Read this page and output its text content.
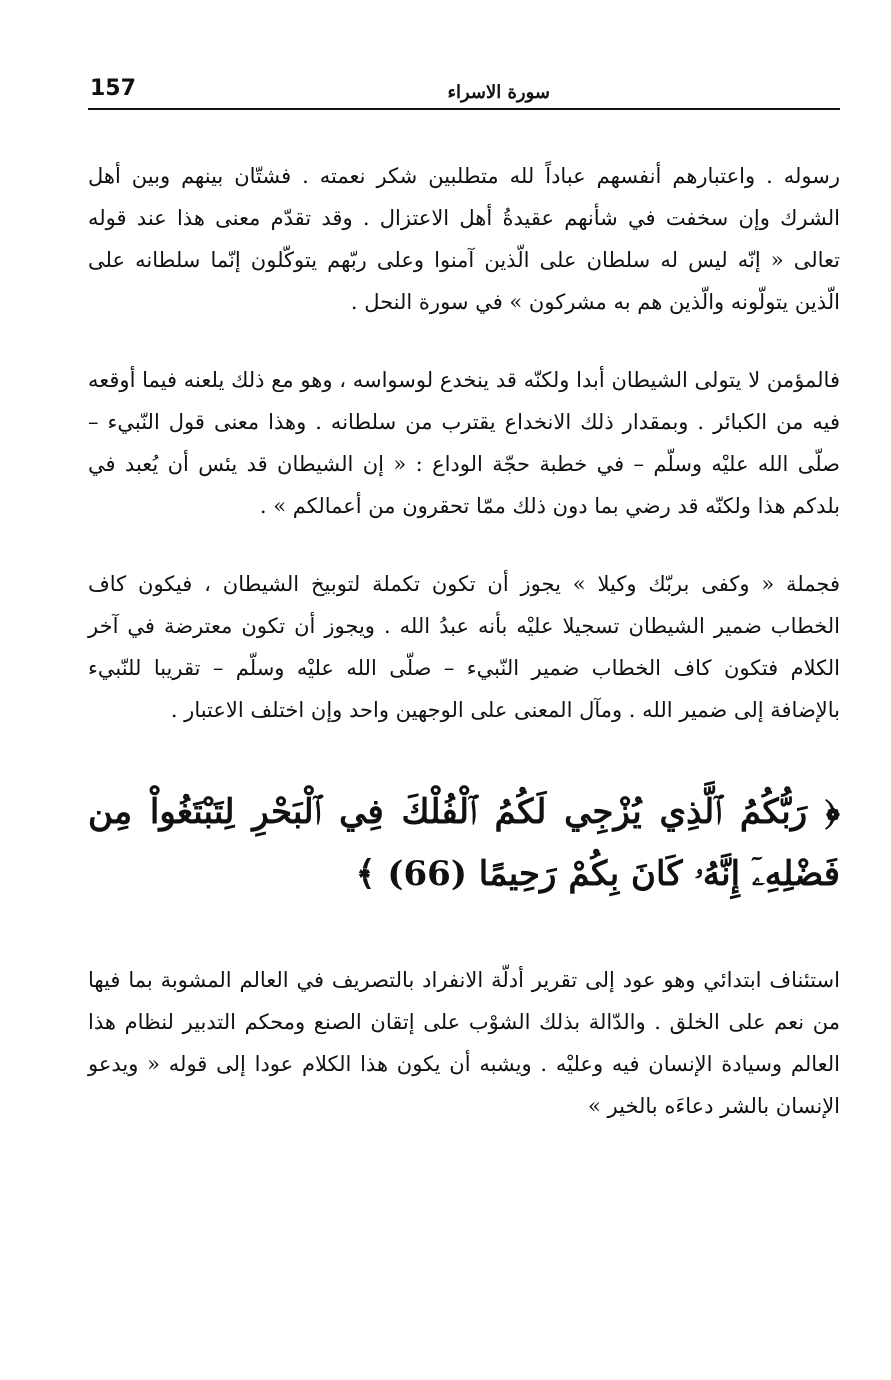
157	سورة الاسراء

رسوله . واعتبارهم أنفسهم عباداً لله متطلبين شكر نعمته . فشتّان بينهم وبين أهل الشرك وإن سخفت في شأنهم عقيدةُ أهل الاعتزال . وقد تقدّم معنى هذا عند قوله تعالى « إنّه ليس له سلطان على الّذين آمنوا وعلى ربّهم يتوكّلون إنّما سلطانه على الّذين يتولّونه والّذين هم به مشركون » في سورة النحل .

فالمؤمن لا يتولى الشيطان أبدا ولكنّه قد ينخدع لوسواسه ، وهو مع ذلك يلعنه فيما أوقعه فيه من الكبائر . وبمقدار ذلك الانخداع يقترب من سلطانه . وهذا معنى قول النّبيء – صلّى الله عليْه وسلّم – في خطبة حجّة الوداع : « إن الشيطان قد يئس أن يُعبد في بلدكم هذا ولكنّه قد رضي بما دون ذلك ممّا تحقرون من أعمالكم » .

فجملة « وكفى بربّك وكيلا » يجوز أن تكون تكملة لتوبيخ الشيطان ، فيكون كاف الخطاب ضمير الشيطان تسجيلا عليْه بأنه عبدُ الله . ويجوز أن تكون معترضة في آخر الكلام فتكون كاف الخطاب ضمير النّبيء – صلّى الله عليْه وسلّم – تقريبا للنّبيء بالإضافة إلى ضمير الله . ومآل المعنى على الوجهين واحد وإن اختلف الاعتبار .

﴿ رَبُّكُمُ ٱلَّذِي يُزْجِي لَكُمُ ٱلْفُلْكَ فِي ٱلْبَحْرِ لِتَبْتَغُواْ مِن فَضْلِهِۦٓ إِنَّهُۥ كَانَ بِكُمْ رَحِيمًا (66) ﴾

استئناف ابتدائي وهو عود إلى تقرير أدلّة الانفراد بالتصريف في العالم المشوبة بما فيها من نعم على الخلق . والدّالة بذلك الشوْب على إتقان الصنع ومحكم التدبير لنظام هذا العالم وسيادة الإنسان فيه وعليْه . ويشبه أن يكون هذا الكلام عودا إلى قوله « ويدعو الإنسان بالشر دعاءَه بالخير »
